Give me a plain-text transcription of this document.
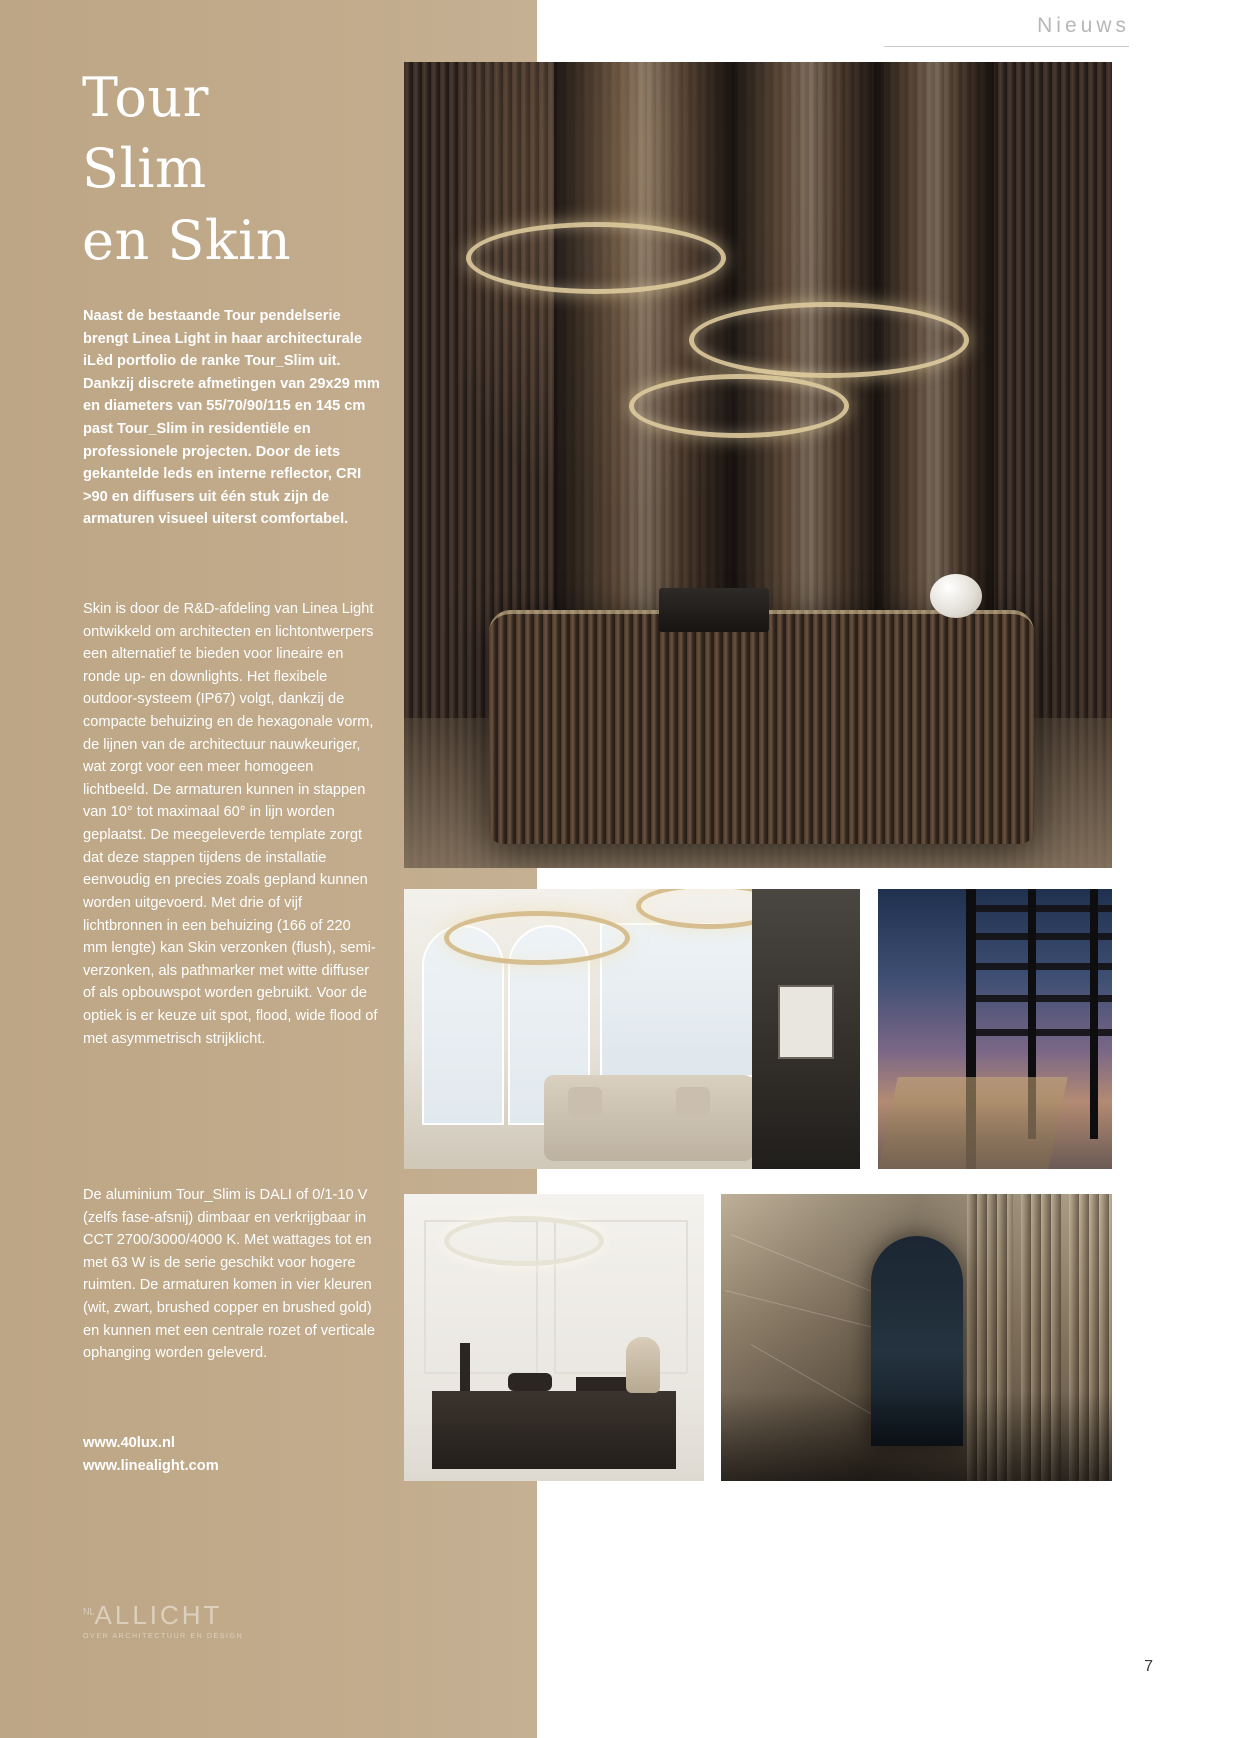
Nieuws
Tour
Slim
en Skin
Naast de bestaande Tour pendelserie brengt Linea Light in haar architecturale iLèd portfolio de ranke Tour_Slim uit. Dankzij discrete afmetingen van 29x29 mm en diameters van 55/70/90/115 en 145 cm past Tour_Slim in residentiële en professionele projecten. Door de iets gekantelde leds en interne reflector, CRI >90 en diffusers uit één stuk zijn de armaturen visueel uiterst comfortabel.
Skin is door de R&D-afdeling van Linea Light ontwikkeld om architecten en lichtontwerpers een alternatief te bieden voor lineaire en ronde up- en downlights. Het flexibele outdoor-systeem (IP67) volgt, dankzij de compacte behuizing en de hexagonale vorm, de lijnen van de architectuur nauwkeuriger, wat zorgt voor een meer homogeen lichtbeeld. De armaturen kunnen in stappen van 10° tot maximaal 60° in lijn worden geplaatst. De meegeleverde template zorgt dat deze stappen tijdens de installatie eenvoudig en precies zoals gepland kunnen worden uitgevoerd. Met drie of vijf lichtbronnen in een behuizing (166 of 220 mm lengte) kan Skin verzonken (flush), semi-verzonken, als pathmarker met witte diffuser of als opbouwspot worden gebruikt. Voor de optiek is er keuze uit spot, flood, wide flood of met asymmetrisch strijklicht.
De aluminium Tour_Slim is DALI of 0/1-10 V (zelfs fase-afsnij) dimbaar en verkrijgbaar in CCT 2700/3000/4000 K. Met wattages tot en met 63 W is de serie geschikt voor hogere ruimten. De armaturen komen in vier kleuren (wit, zwart, brushed copper en brushed gold) en kunnen met een centrale rozet of verticale ophanging worden geleverd.
www.40lux.nl
www.linealight.com
$^{NL}$ALLICHT
OVER ARCHITECTUUR EN DESIGN
7
